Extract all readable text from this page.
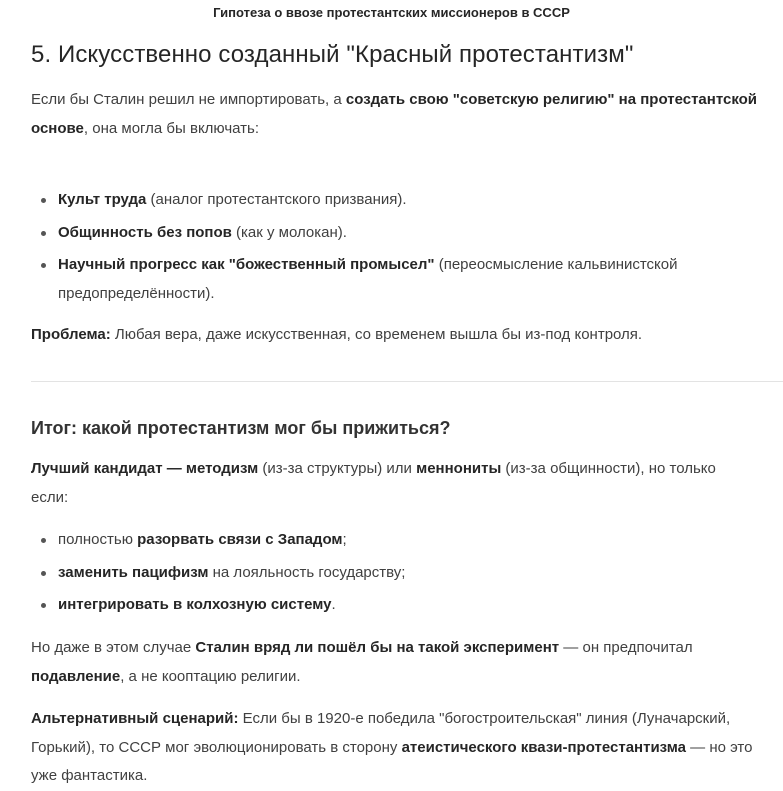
Гипотеза о ввозе протестантских миссионеров в СССР
5. Искусственно созданный "Красный протестантизм"

Если бы Сталин решил не импортировать, а создать свою "советскую религию" на протестантской основе, она могла бы включать:

Культ труда (аналог протестантского призвания).
Общинность без попов (как у молокан).
Научный прогресс как "божественный промысел" (переосмысление кальвинистской предопределённости).

Проблема: Любая вера, даже искусственная, со временем вышла бы из-под контроля.

Итог: какой протестантизм мог бы прижиться?

Лучший кандидат — методизм (из-за структуры) или меннониты (из-за общинности), но только если:

полностью разорвать связи с Западом;
заменить пацифизм на лояльность государству;
интегрировать в колхозную систему.

Но даже в этом случае Сталин вряд ли пошёл бы на такой эксперимент — он предпочитал подавление, а не кооптацию религии.

Альтернативный сценарий: Если бы в 1920-е победила "богостроительская" линия (Луначарский, Горький), то СССР мог эволюционировать в сторону атеистического квази-протестантизма — но это уже фантастика.
